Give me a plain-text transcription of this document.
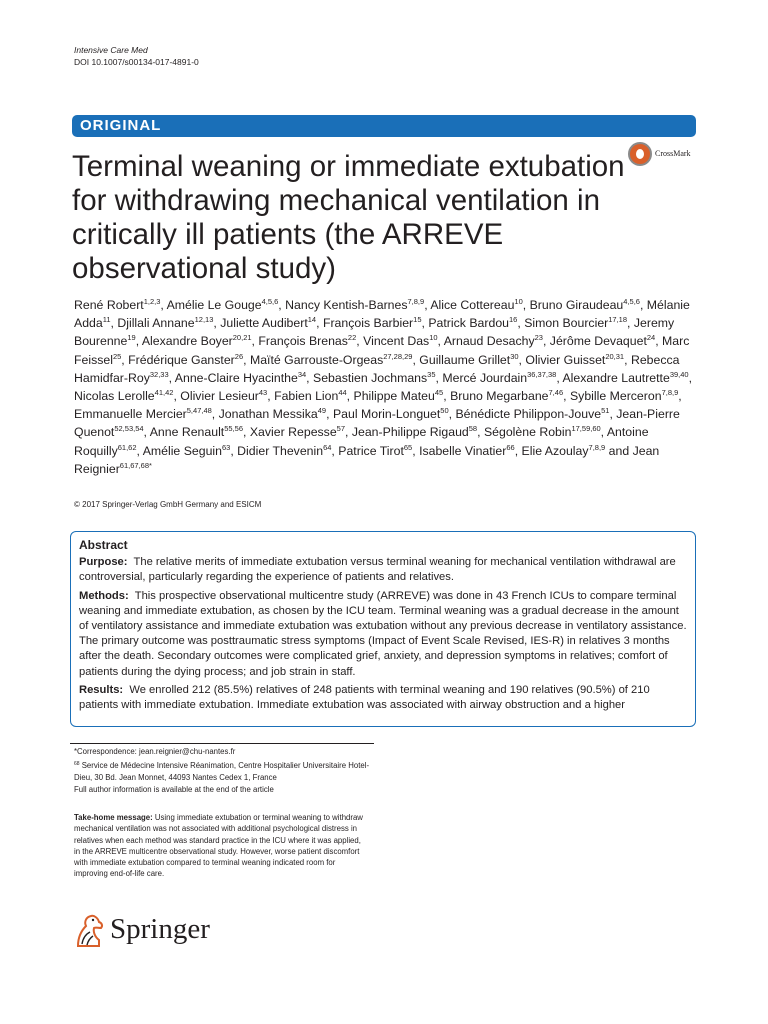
Intensive Care Med
DOI 10.1007/s00134-017-4891-0
ORIGINAL
CrossMark
Terminal weaning or immediate extubation for withdrawing mechanical ventilation in critically ill patients (the ARREVE observational study)
René Robert$^{1,2,3}$, Amélie Le Gouge$^{4,5,6}$, Nancy Kentish-Barnes$^{7,8,9}$, Alice Cottereau$^{10}$, Bruno Giraudeau$^{4,5,6}$, Mélanie Adda$^{11}$, Djillali Annane$^{12,13}$, Juliette Audibert$^{14}$, François Barbier$^{15}$, Patrick Bardou$^{16}$, Simon Bourcier$^{17,18}$, Jeremy Bourenne$^{19}$, Alexandre Boyer$^{20,21}$, François Brenas$^{22}$, Vincent Das$^{10}$, Arnaud Desachy$^{23}$, Jérôme Devaquet$^{24}$, Marc Feissel$^{25}$, Frédérique Ganster$^{26}$, Maïté Garrouste-Orgeas$^{27,28,29}$, Guillaume Grillet$^{30}$, Olivier Guisset$^{20,31}$, Rebecca Hamidfar-Roy$^{32,33}$, Anne-Claire Hyacinthe$^{34}$, Sebastien Jochmans$^{35}$, Mercé Jourdain$^{36,37,38}$, Alexandre Lautrette$^{39,40}$, Nicolas Lerolle$^{41,42}$, Olivier Lesieur$^{43}$, Fabien Lion$^{44}$, Philippe Mateu$^{45}$, Bruno Megarbane$^{7,46}$, Sybille Merceron$^{7,8,9}$, Emmanuelle Mercier$^{5,47,48}$, Jonathan Messika$^{49}$, Paul Morin-Longuet$^{50}$, Bénédicte Philippon-Jouve$^{51}$, Jean-Pierre Quenot$^{52,53,54}$, Anne Renault$^{55,56}$, Xavier Repesse$^{57}$, Jean-Philippe Rigaud$^{58}$, Ségolène Robin$^{17,59,60}$, Antoine Roquilly$^{61,62}$, Amélie Seguin$^{63}$, Didier Thevenin$^{64}$, Patrice Tirot$^{65}$, Isabelle Vinatier$^{66}$, Elie Azoulay$^{7,8,9}$ and Jean Reignier$^{61,67,68*}$
© 2017 Springer-Verlag GmbH Germany and ESICM
Abstract

Purpose: The relative merits of immediate extubation versus terminal weaning for mechanical ventilation withdrawal are controversial, particularly regarding the experience of patients and relatives.

Methods: This prospective observational multicentre study (ARREVE) was done in 43 French ICUs to compare terminal weaning and immediate extubation, as chosen by the ICU team. Terminal weaning was a gradual decrease in the amount of ventilatory assistance and immediate extubation was extubation without any previous decrease in ventilatory assistance. The primary outcome was posttraumatic stress symptoms (Impact of Event Scale Revised, IES-R) in relatives 3 months after the death. Secondary outcomes were complicated grief, anxiety, and depression symptoms in relatives; comfort of patients during the dying process; and job strain in staff.

Results: We enrolled 212 (85.5%) relatives of 248 patients with terminal weaning and 190 relatives (90.5%) of 210 patients with immediate extubation. Immediate extubation was associated with airway obstruction and a higher

*Correspondence: jean.reignier@chu-nantes.fr
$^{68}$ Service de Médecine Intensive Réanimation, Centre Hospitalier Universitaire Hotel-Dieu, 30 Bd. Jean Monnet, 44093 Nantes Cedex 1, France
Full author information is available at the end of the article
Take-home message: Using immediate extubation or terminal weaning to withdraw mechanical ventilation was not associated with additional psychological distress in relatives when each method was standard practice in the ICU where it was applied, in the ARREVE multicentre observational study. However, worse patient discomfort with immediate extubation compared to terminal weaning indicated room for improving end-of-life care.
Springer
